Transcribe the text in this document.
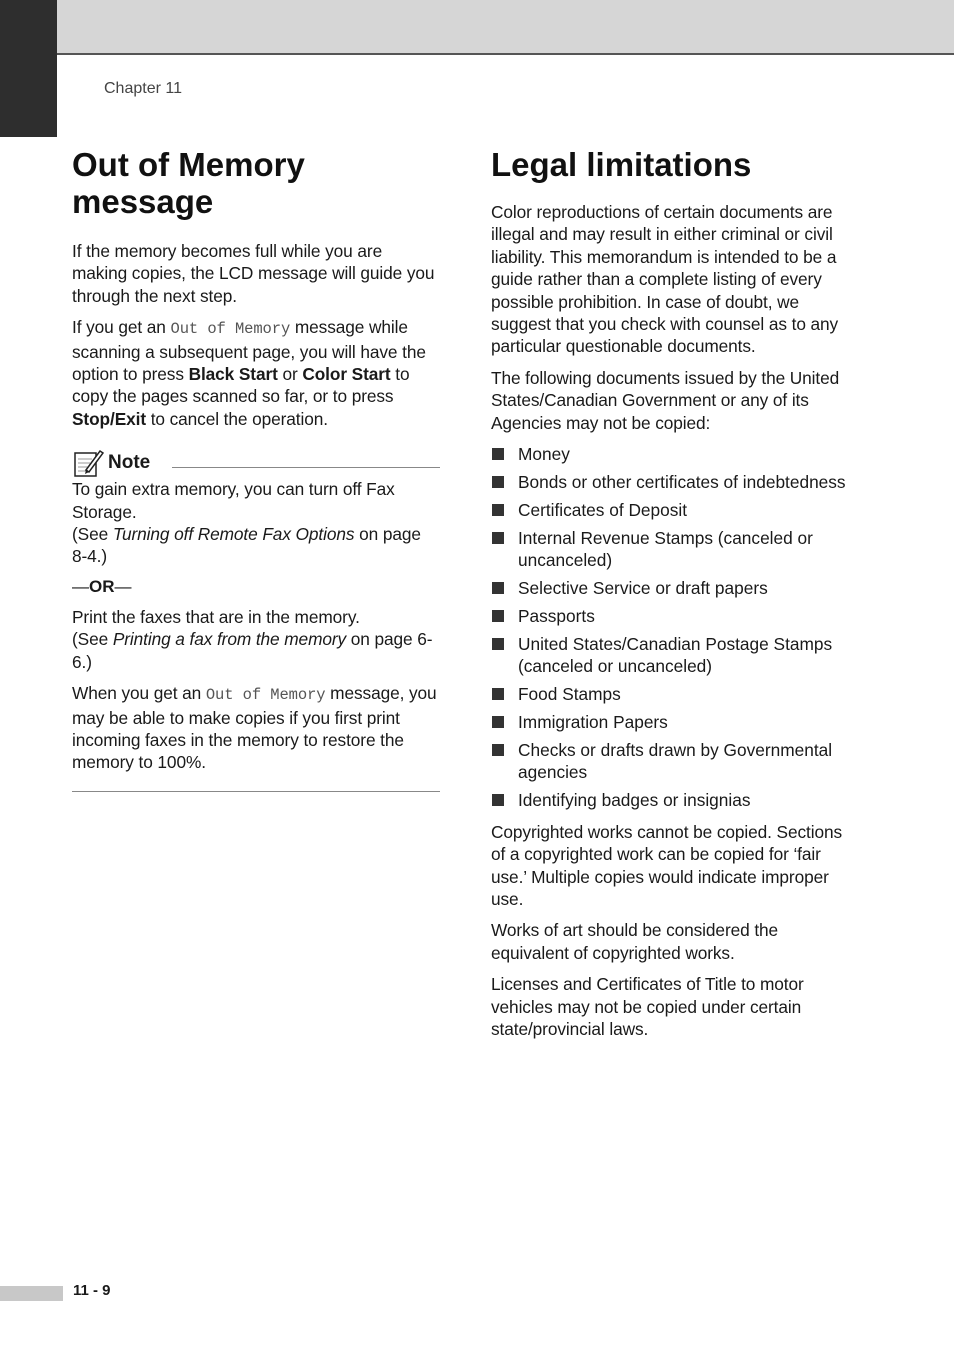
Chapter 11
Out of Memory message

If the memory becomes full while you are making copies, the LCD message will guide you through the next step.

If you get an Out of Memory message while scanning a subsequent page, you will have the option to press Black Start or Color Start to copy the pages scanned so far, or to press Stop/Exit to cancel the operation.

Note

To gain extra memory, you can turn off Fax Storage.
(See Turning off Remote Fax Options on page 8-4.)

—OR—

Print the faxes that are in the memory.
(See Printing a fax from the memory on page 6-6.)

When you get an Out of Memory message, you may be able to make copies if you first print incoming faxes in the memory to restore the memory to 100%.

Legal limitations

Color reproductions of certain documents are illegal and may result in either criminal or civil liability. This memorandum is intended to be a guide rather than a complete listing of every possible prohibition. In case of doubt, we suggest that you check with counsel as to any particular questionable documents.

The following documents issued by the United States/Canadian Government or any of its Agencies may not be copied:

Money
Bonds or other certificates of indebtedness
Certificates of Deposit
Internal Revenue Stamps (canceled or uncanceled)
Selective Service or draft papers
Passports
United States/Canadian Postage Stamps (canceled or uncanceled)
Food Stamps
Immigration Papers
Checks or drafts drawn by Governmental agencies
Identifying badges or insignias

Copyrighted works cannot be copied. Sections of a copyrighted work can be copied for ‘fair use.’ Multiple copies would indicate improper use.

Works of art should be considered the equivalent of copyrighted works.

Licenses and Certificates of Title to motor vehicles may not be copied under certain state/provincial laws.

11 - 9
